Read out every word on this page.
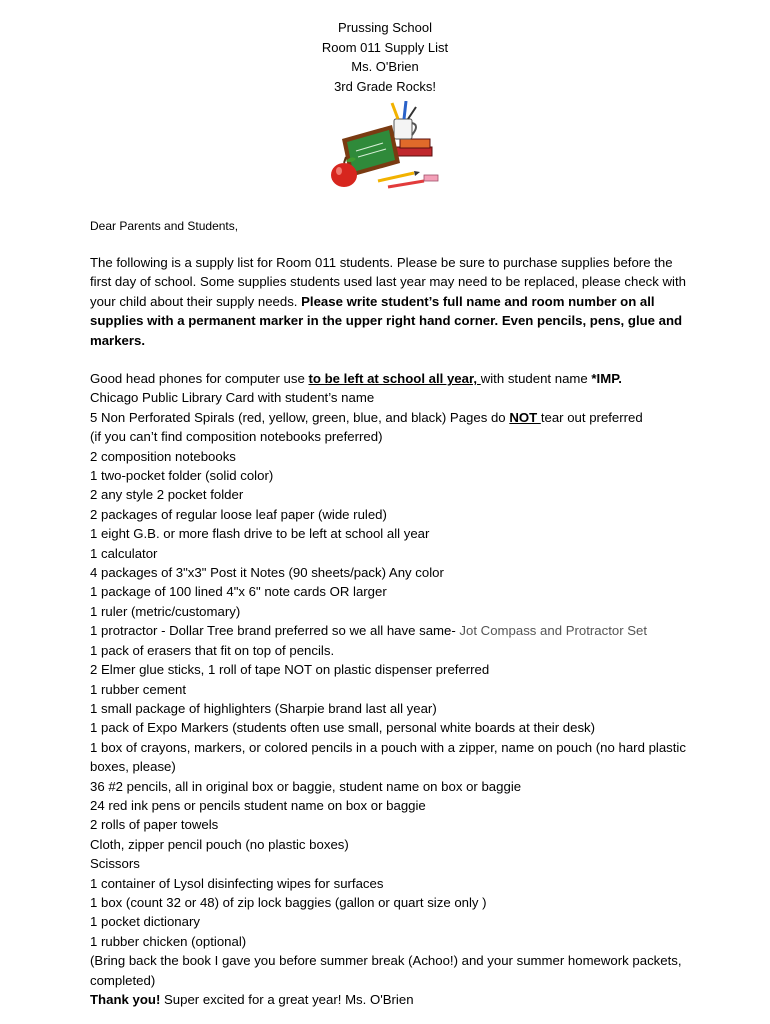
Prussing School
Room 011 Supply List
Ms. O'Brien
3rd Grade Rocks!
Dear Parents and Students,

The following is a supply list for Room 011 students. Please be sure to purchase supplies before the first day of school. Some supplies students used last year may need to be replaced, please check with your child about their supply needs. Please write student’s full name and room number on all supplies with a permanent marker in the upper right hand corner. Even pencils, pens, glue and markers.

Good head phones for computer use to be left at school all year, with student name *IMP.
Chicago Public Library Card with student’s name
5 Non Perforated Spirals (red, yellow, green, blue, and black) Pages do NOT tear out preferred
(if you can’t find composition notebooks preferred)
2 composition notebooks
1 two-pocket folder (solid color)
2 any style 2 pocket folder
2 packages of regular loose leaf paper (wide ruled)
1 eight G.B. or more flash drive to be left at school all year
1 calculator
4 packages of 3"x3" Post it Notes (90 sheets/pack) Any color
1 package of 100 lined 4"x 6" note cards OR larger
1 ruler (metric/customary)
1 protractor - Dollar Tree brand preferred so we all have same- Jot Compass and Protractor Set
1 pack of erasers that fit on top of pencils.
2 Elmer glue sticks, 1 roll of tape NOT on plastic dispenser preferred
1 rubber cement
1 small package of highlighters (Sharpie brand last all year)
1 pack of Expo Markers (students often use small, personal white boards at their desk)
1 box of crayons, markers, or colored pencils in a pouch with a zipper, name on pouch (no hard plastic boxes, please)
36 #2 pencils, all in original box or baggie, student name on box or baggie
24 red ink pens or pencils student name on box or baggie
2 rolls of paper towels
Cloth, zipper pencil pouch (no plastic boxes)
Scissors
1 container of Lysol disinfecting wipes for surfaces
1 box (count 32 or 48) of zip lock baggies (gallon or quart size only )
1 pocket dictionary
1 rubber chicken (optional)
(Bring back the book I gave you before summer break (Achoo!) and your summer homework packets, completed)
Thank you! Super excited for a great year! Ms. O'Brien
